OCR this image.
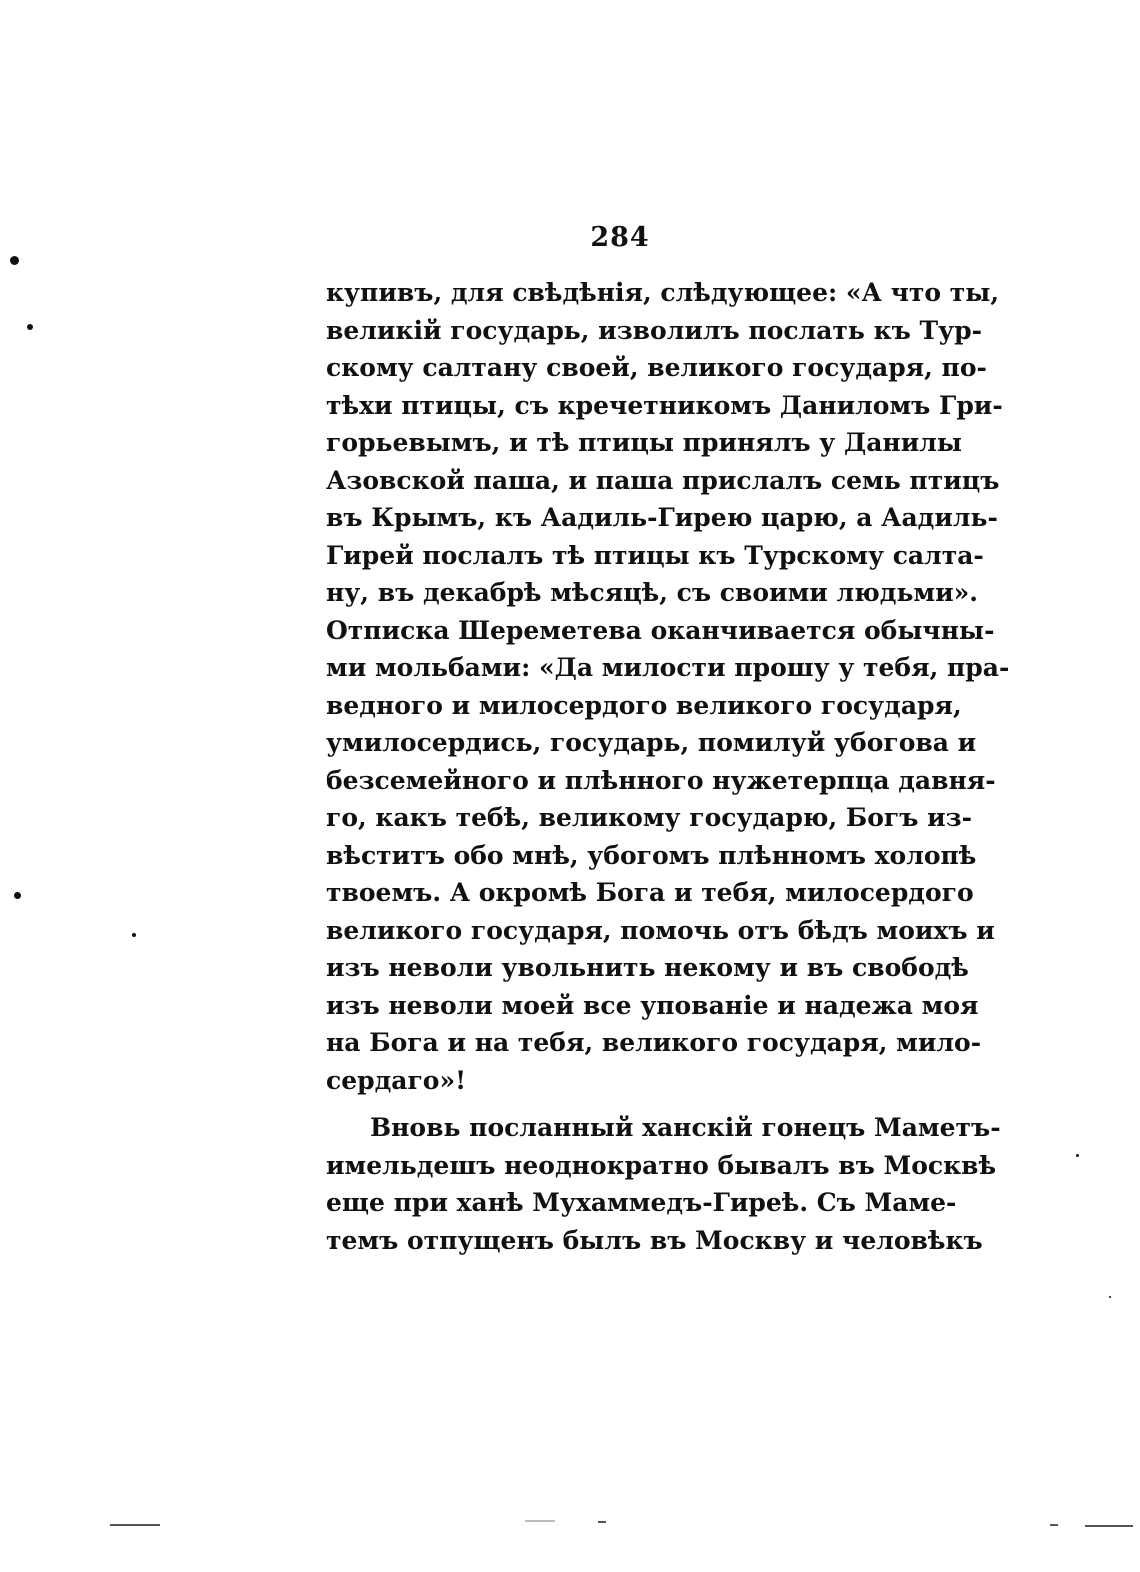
284
купивъ, для свѣдѣнія, слѣдующее: «А что ты,
великій государь, изволилъ послать къ Тур-
скому салтану своей, великого государя, по-
тѣхи птицы, съ кречетникомъ Даниломъ Гри-
горьевымъ, и тѣ птицы принялъ у Данилы
Азовской паша, и паша прислалъ семь птицъ
въ Крымъ, къ Аадиль-Гирею царю, а Аадиль-
Гирей послалъ тѣ птицы къ Турскому салта-
ну, въ декабрѣ мѣсяцѣ, съ своими людьми».
Отписка Шереметева оканчивается обычны-
ми мольбами: «Да милости прошу у тебя, пра-
ведного и милосердого великого государя,
умилосердись, государь, помилуй убогова и
безсемейного и плѣнного нужетерпца давня-
го, какъ тебѣ, великому государю, Богъ из-
вѣститъ обо мнѣ, убогомъ плѣнномъ холопѣ
твоемъ. А окромѣ Бога и тебя, милосердого
великого государя, помочь отъ бѣдъ моихъ и
изъ неволи увольнить некому и въ свободѣ
изъ неволи моей все упованіе и надежа моя
на Бога и на тебя, великого государя, мило-
сердаго»!
Вновь посланный ханскій гонецъ Маметъ-
имельдешъ неоднократно бывалъ въ Москвѣ
еще при ханѣ Мухаммедъ-Гиреѣ. Съ Маме-
темъ отпущенъ былъ въ Москву и человѣкъ
